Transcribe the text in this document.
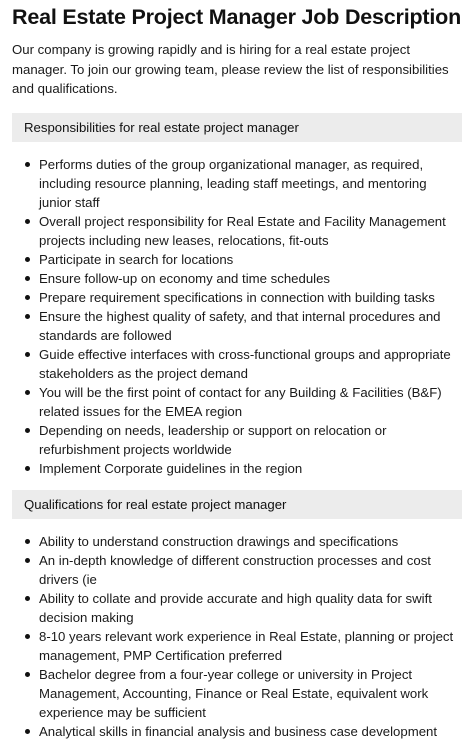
Real Estate Project Manager Job Description

Our company is growing rapidly and is hiring for a real estate project manager. To join our growing team, please review the list of responsibilities and qualifications.

Responsibilities for real estate project manager
Performs duties of the group organizational manager, as required, including resource planning, leading staff meetings, and mentoring junior staff
Overall project responsibility for Real Estate and Facility Management projects including new leases, relocations, fit-outs
Participate in search for locations
Ensure follow-up on economy and time schedules
Prepare requirement specifications in connection with building tasks
Ensure the highest quality of safety, and that internal procedures and standards are followed
Guide effective interfaces with cross-functional groups and appropriate stakeholders as the project demand
You will be the first point of contact for any Building & Facilities (B&F) related issues for the EMEA region
Depending on needs, leadership or support on relocation or refurbishment projects worldwide
Implement Corporate guidelines in the region
Qualifications for real estate project manager
Ability to understand construction drawings and specifications
An in-depth knowledge of different construction processes and cost drivers (ie
Ability to collate and provide accurate and high quality data for swift decision making
8-10 years relevant work experience in Real Estate, planning or project management, PMP Certification preferred
Bachelor degree from a four-year college or university in Project Management, Accounting, Finance or Real Estate, equivalent work experience may be sufficient
Analytical skills in financial analysis and business case development
